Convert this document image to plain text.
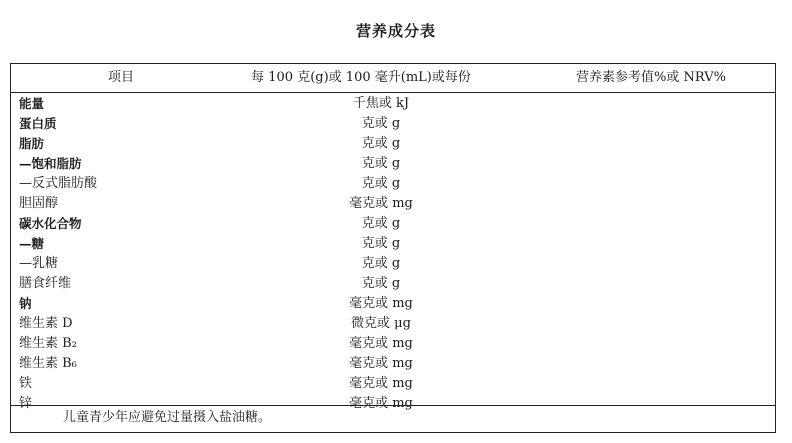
营养成分表
项目	每 100 克(g)或 100 毫升(mL)或每份	营养素参考值%或 NRV%
能量	千焦或 kJ
蛋白质	克或 g
脂肪	克或 g
—饱和脂肪	克或 g
—反式脂肪酸	克或 g
胆固醇	毫克或 mg
碳水化合物	克或 g
—糖	克或 g
—乳糖	克或 g
膳食纤维	克或 g
钠	毫克或 mg
维生素 D	微克或 μg
维生素 B₂	毫克或 mg
维生素 B₆	毫克或 mg
铁	毫克或 mg
锌	毫克或 mg
儿童青少年应避免过量摄入盐油糖。
